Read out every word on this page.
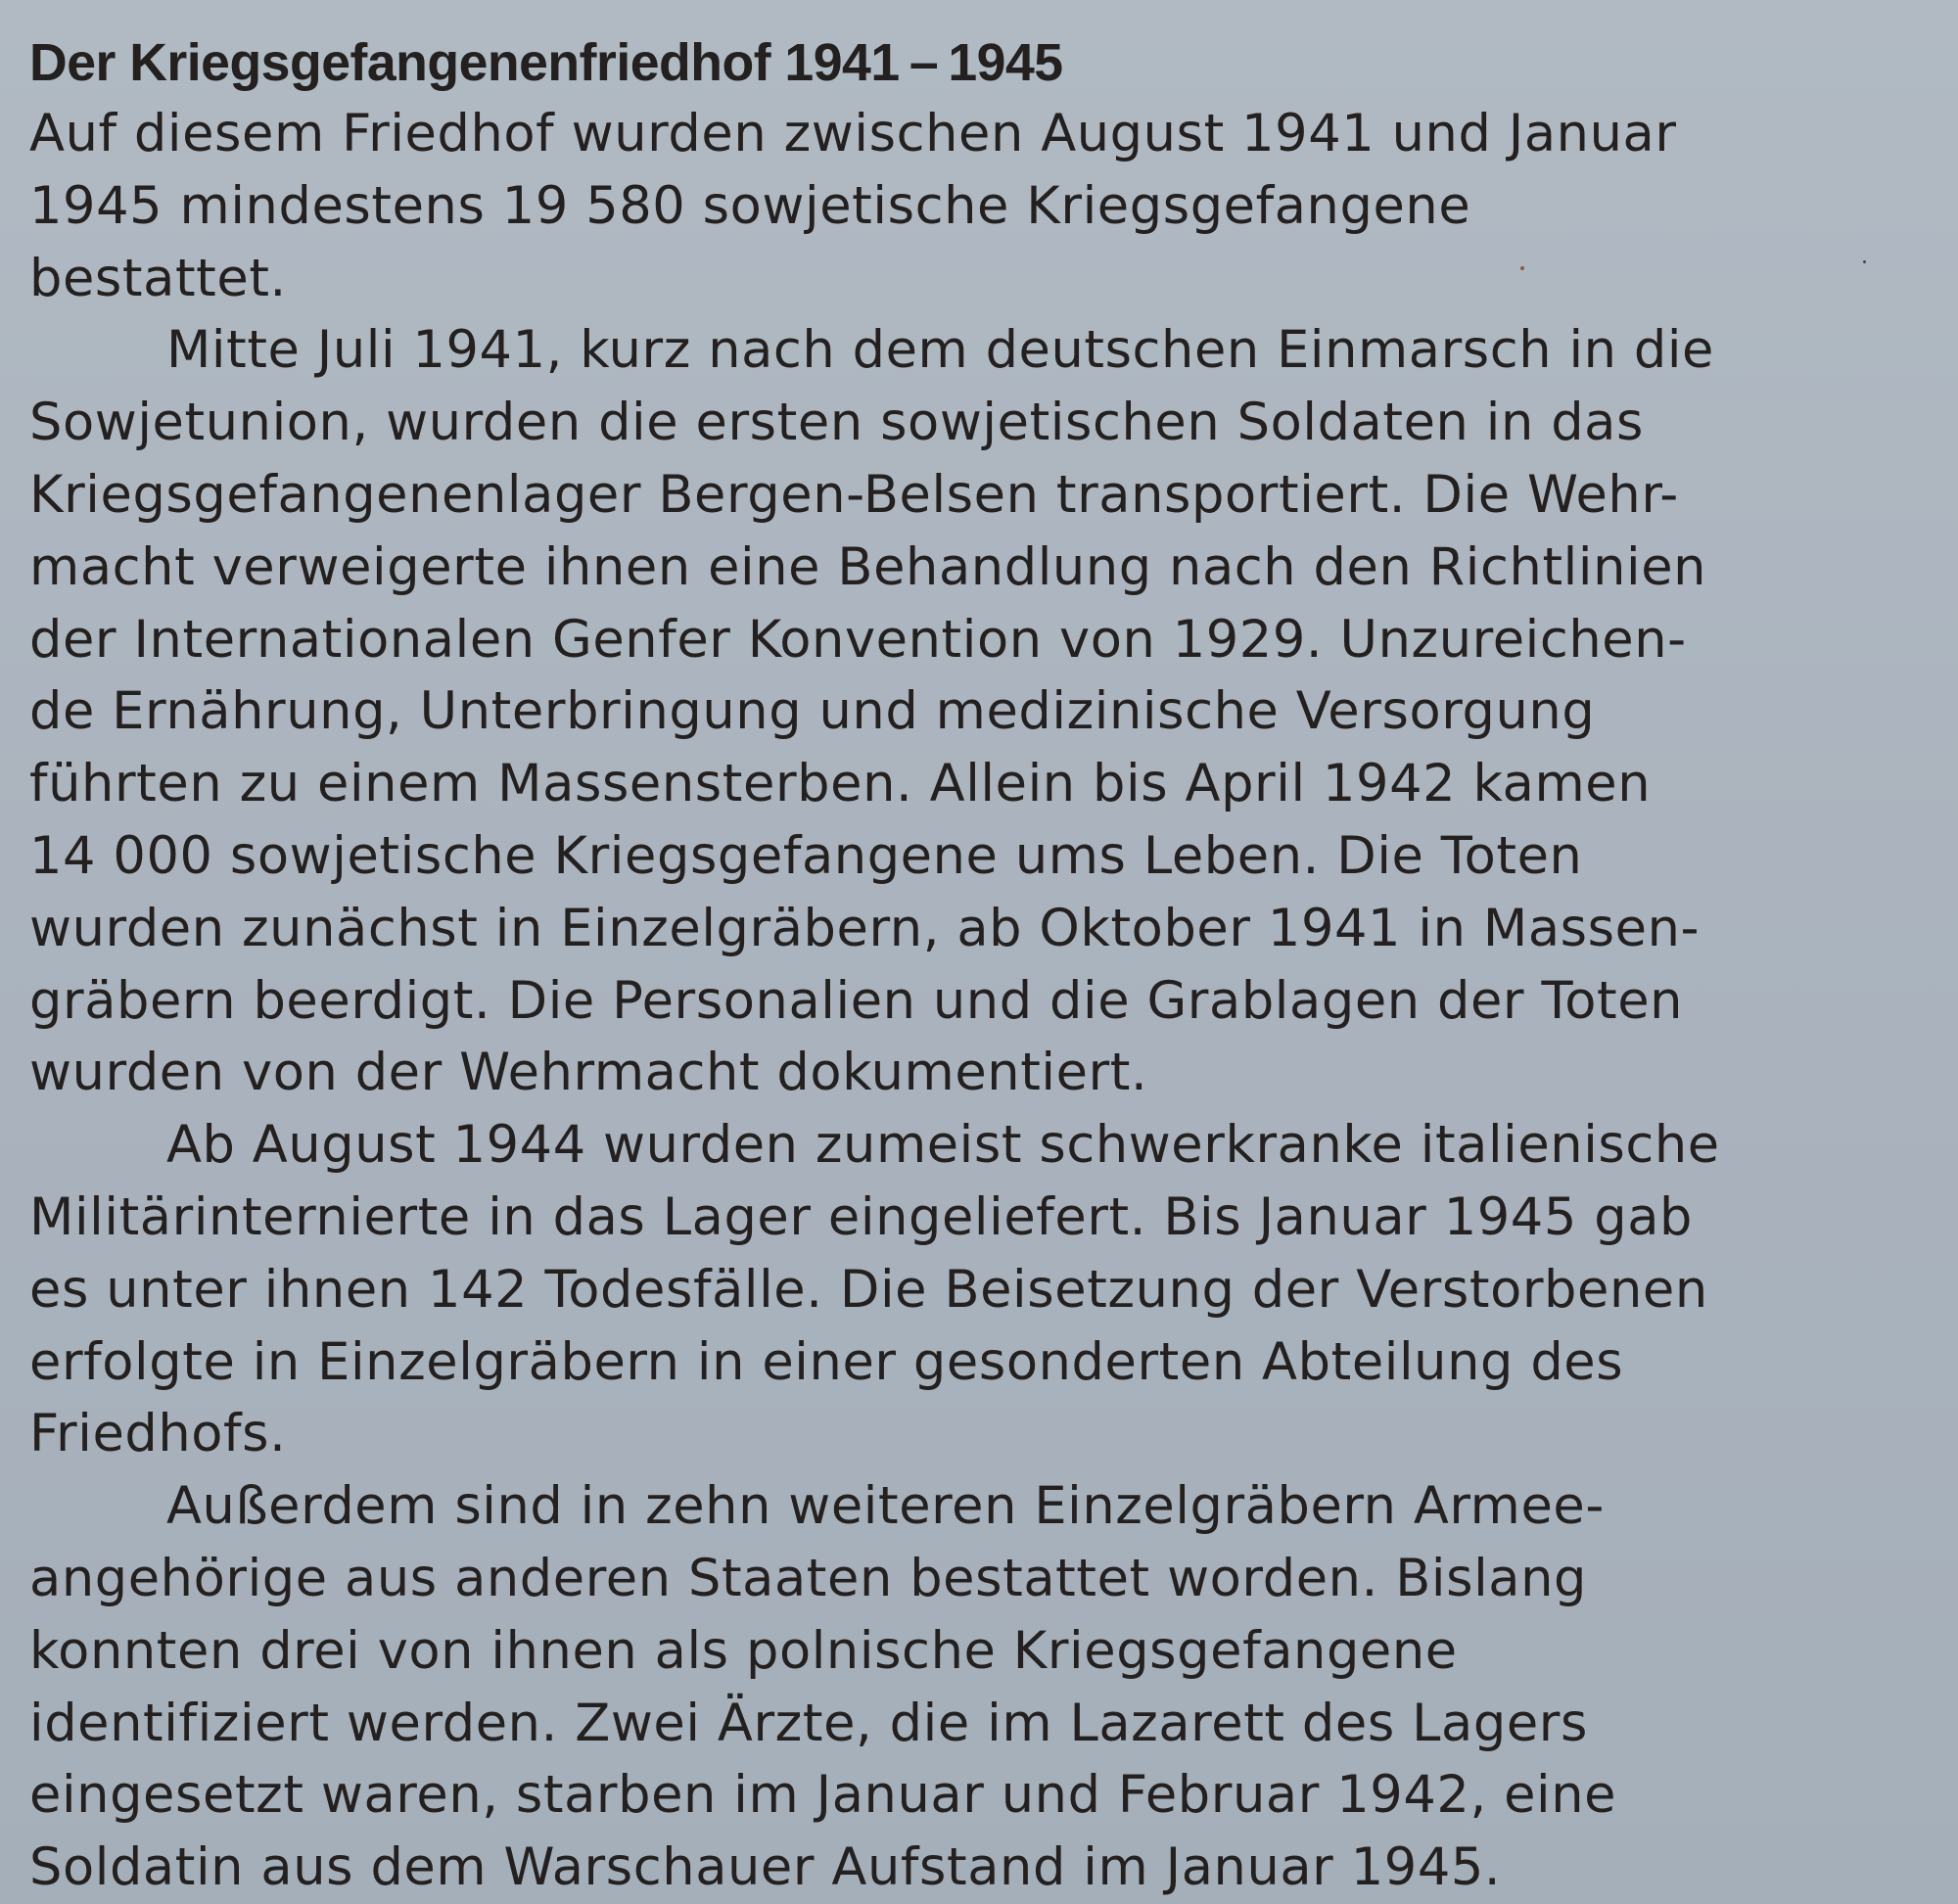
Der Kriegsgefangenenfriedhof 1941 – 1945
Auf diesem Friedhof wurden zwischen August 1941 und Januar
1945 mindestens 19 580 sowjetische Kriegsgefangene
bestattet.
Mitte Juli 1941, kurz nach dem deutschen Einmarsch in die
Sowjetunion, wurden die ersten sowjetischen Soldaten in das
Kriegsgefangenenlager Bergen-Belsen transportiert. Die Wehr-
macht verweigerte ihnen eine Behandlung nach den Richtlinien
der Internationalen Genfer Konvention von 1929. Unzureichen-
de Ernährung, Unterbringung und medizinische Versorgung
führten zu einem Massensterben. Allein bis April 1942 kamen
14 000 sowjetische Kriegsgefangene ums Leben. Die Toten
wurden zunächst in Einzelgräbern, ab Oktober 1941 in Massen-
gräbern beerdigt. Die Personalien und die Grablagen der Toten
wurden von der Wehrmacht dokumentiert.
Ab August 1944 wurden zumeist schwerkranke italienische
Militärinternierte in das Lager eingeliefert. Bis Januar 1945 gab
es unter ihnen 142 Todesfälle. Die Beisetzung der Verstorbenen
erfolgte in Einzelgräbern in einer gesonderten Abteilung des
Friedhofs.
Außerdem sind in zehn weiteren Einzelgräbern Armee-
angehörige aus anderen Staaten bestattet worden. Bislang
konnten drei von ihnen als polnische Kriegsgefangene
identifiziert werden. Zwei Ärzte, die im Lazarett des Lagers
eingesetzt waren, starben im Januar und Februar 1942, eine
Soldatin aus dem Warschauer Aufstand im Januar 1945.
